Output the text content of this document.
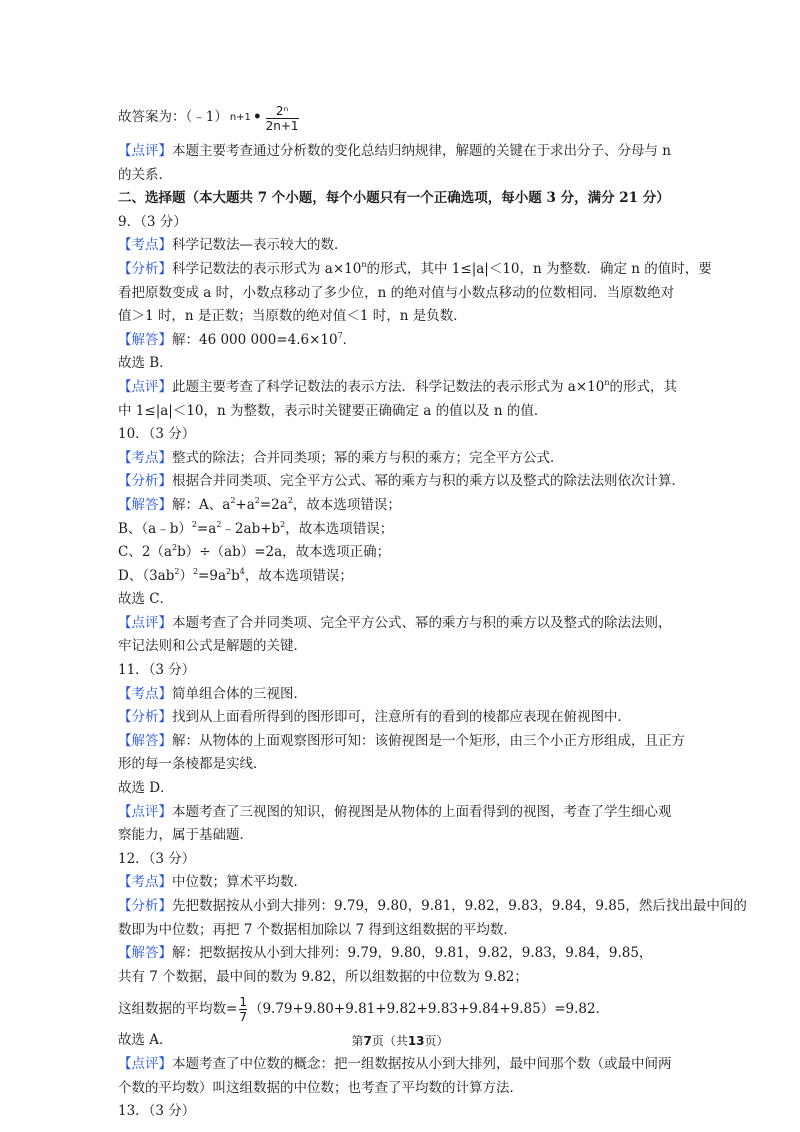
故答案为：（﹣1） n+1 • $\frac{\text{2ⁿ}}{2n+1}$
【点评】本题主要考查通过分析数的变化总结归纳规律，解题的关键在于求出分子、分母与 n
的关系．
二、选择题（本大题共 7 个小题，每个小题只有一个正确选项，每小题 3 分，满分 21 分）
9．（3 分）
【考点】科学记数法—表示较大的数．
【分析】科学记数法的表示形式为 $a\times 10^n$的形式，其中 1≤|a|＜10，n 为整数．确定 n 的值时，要
看把原数变成 a 时，小数点移动了多少位，n 的绝对值与小数点移动的位数相同．当原数绝对
值＞1 时，n 是正数；当原数的绝对值＜1 时，n 是负数．
【解答】解：46 000 $000=4.6\times 10^7$．
故选 B．
【点评】此题主要考查了科学记数法的表示方法．科学记数法的表示形式为 $a\times 10^n$的形式，其
中 1≤|a|＜10，n 为整数，表示时关键要正确确定 a 的值以及 n 的值．
10．（3 分）
【考点】整式的除法；合并同类项；幂的乘方与积的乘方；完全平方公式．
【分析】根据合并同类项、完全平方公式、幂的乘方与积的乘方以及整式的除法法则依次计算．
【解答】解：A、$a^2+a^2=2a^2$，故本选项错误；
B、$(a﹣b)^2=a^2﹣2ab+b^2$，故本选项错误；
C、$2(a^2b)\div(ab)=2a$，故本选项正确；
D、$(3ab^2)^2=9a^2b^4$，故本选项错误；
故选 C．
【点评】本题考查了合并同类项、完全平方公式、幂的乘方与积的乘方以及整式的除法法则，
牢记法则和公式是解题的关键．
11．（3 分）
【考点】简单组合体的三视图．
【分析】找到从上面看所得到的图形即可，注意所有的看到的棱都应表现在俯视图中．
【解答】解：从物体的上面观察图形可知：该俯视图是一个矩形，由三个小正方形组成，且正方
形的每一条棱都是实线．
故选 D．
【点评】本题考查了三视图的知识，俯视图是从物体的上面看得到的视图，考查了学生细心观
察能力，属于基础题．
12．（3 分）
【考点】中位数；算术平均数．
【分析】先把数据按从小到大排列：9.79，9.80，9.81，9.82，9.83，9.84，9.85，然后找出最中间的
数即为中位数；再把 7 个数据相加除以 7 得到这组数据的平均数．
【解答】解：把数据按从小到大排列：9.79，9.80，9.81，9.82，9.83，9.84，9.85，
共有 7 个数据，最中间的数为 9.82，所以组数据的中位数为 9.82；
这组数据的平均数= $\frac{1}{7} (9.79+9.80+9.81+9.82+9.83+9.84+9.85)=9.82$．
故选 A．
【点评】本题考查了中位数的概念：把一组数据按从小到大排列，最中间那个数（或最中间两
个数的平均数）叫这组数据的中位数；也考查了平均数的计算方法．
13．（3 分）
第7页（共13页）
